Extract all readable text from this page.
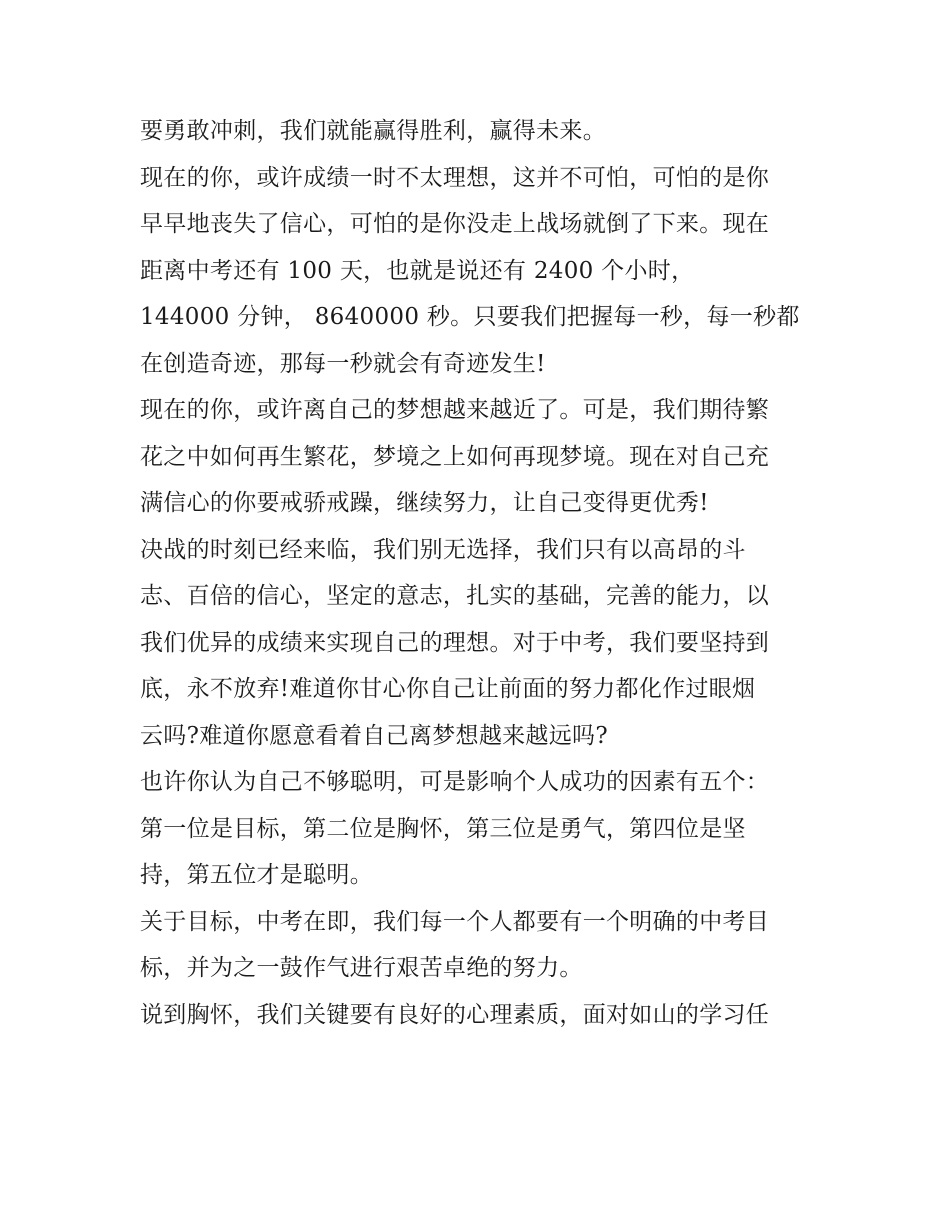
要勇敢冲刺，我们就能赢得胜利，赢得未来。
现在的你，或许成绩一时不太理想，这并不可怕，可怕的是你
早早地丧失了信心，可怕的是你没走上战场就倒了下来。现在
距离中考还有 100 天，也就是说还有 2400 个小时，
144000 分钟， 8640000 秒。只要我们把握每一秒，每一秒都
在创造奇迹，那每一秒就会有奇迹发生!
现在的你，或许离自己的梦想越来越近了。可是，我们期待繁
花之中如何再生繁花，梦境之上如何再现梦境。现在对自己充
满信心的你要戒骄戒躁，继续努力，让自己变得更优秀!
决战的时刻已经来临，我们别无选择，我们只有以高昂的斗
志、百倍的信心，坚定的意志，扎实的基础，完善的能力，以
我们优异的成绩来实现自己的理想。对于中考，我们要坚持到
底，永不放弃!难道你甘心你自己让前面的努力都化作过眼烟
云吗?难道你愿意看着自己离梦想越来越远吗?
也许你认为自己不够聪明，可是影响个人成功的因素有五个：
第一位是目标，第二位是胸怀，第三位是勇气，第四位是坚
持，第五位才是聪明。
关于目标，中考在即，我们每一个人都要有一个明确的中考目
标，并为之一鼓作气进行艰苦卓绝的努力。
说到胸怀，我们关键要有良好的心理素质，面对如山的学习任
